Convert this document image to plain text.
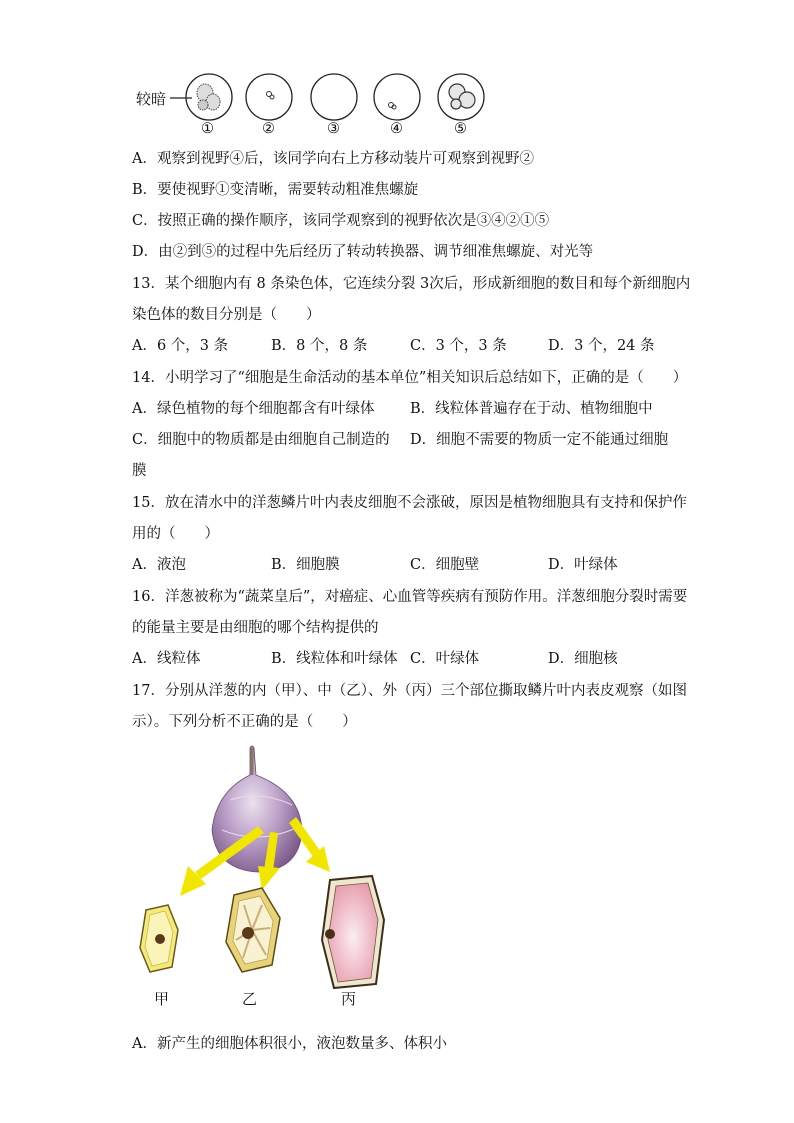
较暗
①	②	③	④	⑤
A．观察到视野④后，该同学向右上方移动装片可观察到视野②
B．要使视野①变清晰，需要转动粗准焦螺旋
C．按照正确的操作顺序，该同学观察到的视野依次是③④②①⑤
D．由②到⑤的过程中先后经历了转动转换器、调节细准焦螺旋、对光等
13．某个细胞内有 8 条染色体，它连续分裂 3次后，形成新细胞的数目和每个新细胞内
染色体的数目分别是（　　）
A．6 个，3 条	B．8 个，8 条	C．3 个，3 条	D．3 个，24 条
14．小明学习了“细胞是生命活动的基本单位”相关知识后总结如下，正确的是（　　）
A．绿色植物的每个细胞都含有叶绿体 B．线粒体普遍存在于动、植物细胞中
C．细胞中的物质都是由细胞自己制造的 D．细胞不需要的物质一定不能通过细胞
膜
15．放在清水中的洋葱鳞片叶内表皮细胞不会涨破，原因是植物细胞具有支持和保护作
用的（　　）
A．液泡	B．细胞膜	C．细胞壁	D．叶绿体
16．洋葱被称为“蔬菜皇后”，对癌症、心血管等疾病有预防作用。洋葱细胞分裂时需要
的能量主要是由细胞的哪个结构提供的
A．线粒体	B．线粒体和叶绿体 C．叶绿体	D．细胞核
17．分别从洋葱的内（甲）、中（乙）、外（丙）三个部位撕取鳞片叶内表皮观察（如图
示）。下列分析不正确的是（　　）
甲	乙	丙
A．新产生的细胞体积很小，液泡数量多、体积小
